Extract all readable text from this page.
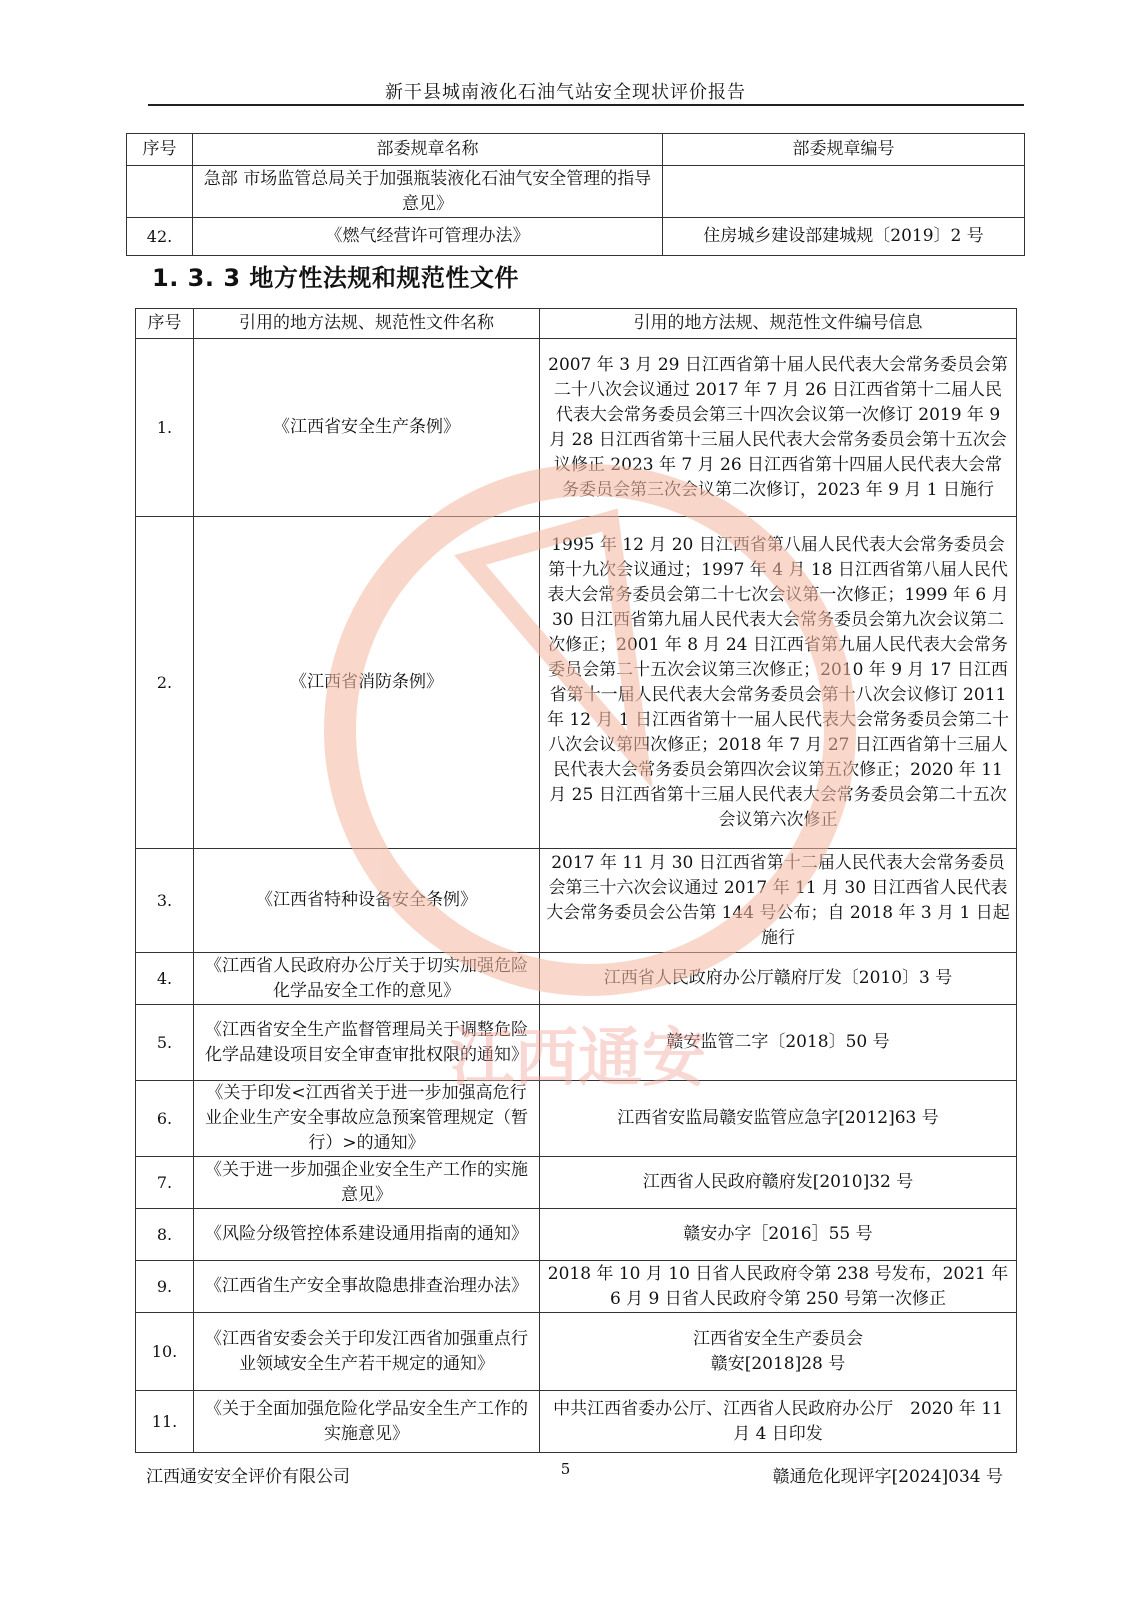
新干县城南液化石油气站安全现状评价报告
序号	部委规章名称	部委规章编号
	急部 市场监管总局关于加强瓶装液化石油气安全管理的指导意见》	
42.	《燃气经营许可管理办法》	住房城乡建设部建城规〔2019〕2 号
1. 3. 3 地方性法规和规范性文件
序号	引用的地方法规、规范性文件名称	引用的地方法规、规范性文件编号信息
1.	《江西省安全生产条例》	2007 年 3 月 29 日江西省第十届人民代表大会常务委员会第二十八次会议通过 2017 年 7 月 26 日江西省第十二届人民代表大会常务委员会第三十四次会议第一次修订 2019 年 9 月 28 日江西省第十三届人民代表大会常务委员会第十五次会议修正 2023 年 7 月 26 日江西省第十四届人民代表大会常务委员会第三次会议第二次修订，2023 年 9 月 1 日施行
2.	《江西省消防条例》	1995 年 12 月 20 日江西省第八届人民代表大会常务委员会第十九次会议通过；1997 年 4 月 18 日江西省第八届人民代表大会常务委员会第二十七次会议第一次修正；1999 年 6 月 30 日江西省第九届人民代表大会常务委员会第九次会议第二次修正；2001 年 8 月 24 日江西省第九届人民代表大会常务委员会第二十五次会议第三次修正；2010 年 9 月 17 日江西省第十一届人民代表大会常务委员会第十八次会议修订 2011 年 12 月 1 日江西省第十一届人民代表大会常务委员会第二十八次会议第四次修正；2018 年 7 月 27 日江西省第十三届人民代表大会常务委员会第四次会议第五次修正；2020 年 11 月 25 日江西省第十三届人民代表大会常务委员会第二十五次会议第六次修正
3.	《江西省特种设备安全条例》	2017 年 11 月 30 日江西省第十二届人民代表大会常务委员会第三十六次会议通过 2017 年 11 月 30 日江西省人民代表大会常务委员会公告第 144 号公布；自 2018 年 3 月 1 日起施行
4.	《江西省人民政府办公厅关于切实加强危险化学品安全工作的意见》	江西省人民政府办公厅赣府厅发〔2010〕3 号
5.	《江西省安全生产监督管理局关于调整危险化学品建设项目安全审查审批权限的通知》	赣安监管二字〔2018〕50 号
6.	《关于印发<江西省关于进一步加强高危行业企业生产安全事故应急预案管理规定（暂行）>的通知》	江西省安监局赣安监管应急字[2012]63 号
7.	《关于进一步加强企业安全生产工作的实施意见》	江西省人民政府赣府发[2010]32 号
8.	《风险分级管控体系建设通用指南的通知》	赣安办字［2016］55 号
9.	《江西省生产安全事故隐患排查治理办法》	2018 年 10 月 10 日省人民政府令第 238 号发布，2021 年 6 月 9 日省人民政府令第 250 号第一次修正
10.	《江西省安委会关于印发江西省加强重点行业领域安全生产若干规定的通知》	江西省安全生产委员会
赣安[2018]28 号

11.	《关于全面加强危险化学品安全生产工作的实施意见》	中共江西省委办公厅、江西省人民政府办公厅　2020 年 11 月 4 日印发
江西通安
江西通安安全评价有限公司	5	赣通危化现评字[2024]034 号
